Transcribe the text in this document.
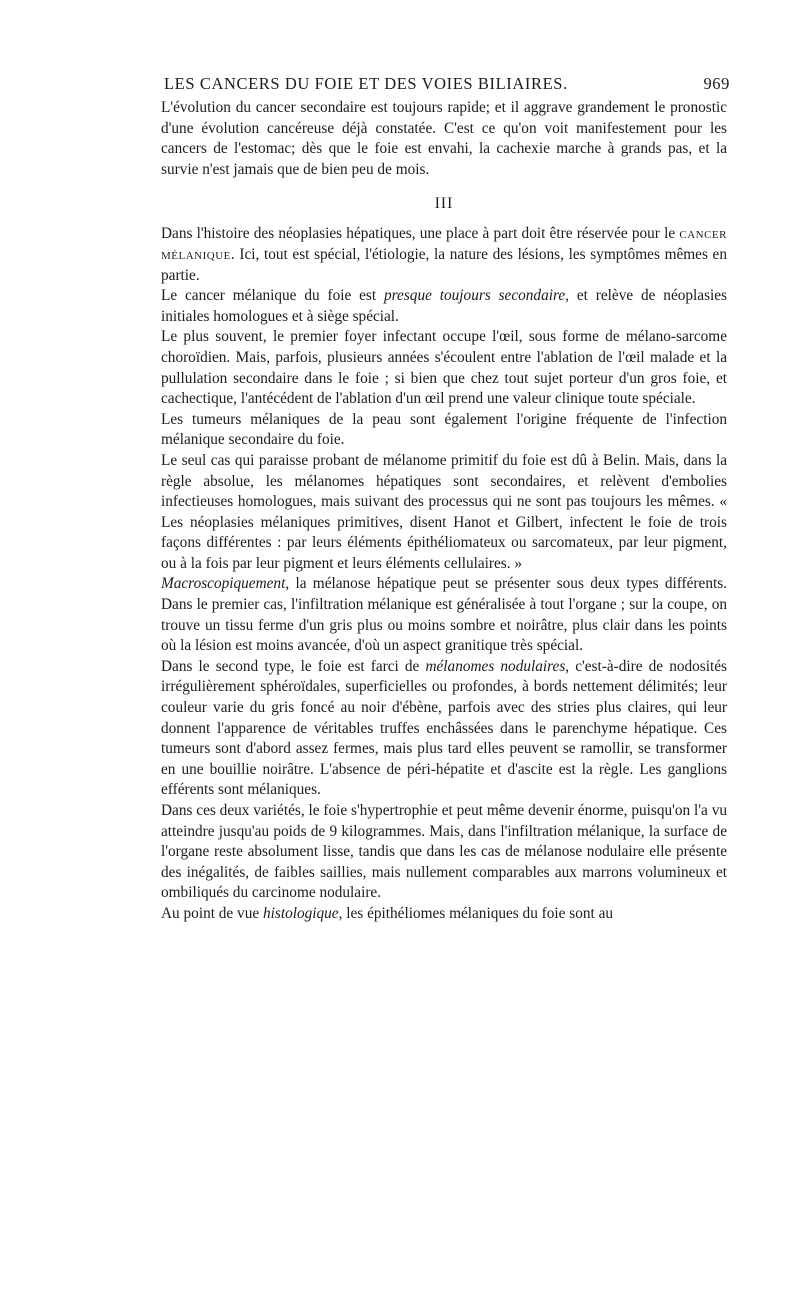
LES CANCERS DU FOIE ET DES VOIES BILIAIRES.	969

L'évolution du cancer secondaire est toujours rapide; et il aggrave grandement le pronostic d'une évolution cancéreuse déjà constatée. C'est ce qu'on voit manifestement pour les cancers de l'estomac; dès que le foie est envahi, la cachexie marche à grands pas, et la survie n'est jamais que de bien peu de mois.

III

Dans l'histoire des néoplasies hépatiques, une place à part doit être réservée pour le cancer mélanique. Ici, tout est spécial, l'étiologie, la nature des lésions, les symptômes mêmes en partie.

Le cancer mélanique du foie est presque toujours secondaire, et relève de néoplasies initiales homologues et à siège spécial.

Le plus souvent, le premier foyer infectant occupe l'œil, sous forme de mélano-sarcome choroïdien. Mais, parfois, plusieurs années s'écoulent entre l'ablation de l'œil malade et la pullulation secondaire dans le foie ; si bien que chez tout sujet porteur d'un gros foie, et cachectique, l'antécédent de l'ablation d'un œil prend une valeur clinique toute spéciale.

Les tumeurs mélaniques de la peau sont également l'origine fréquente de l'infection mélanique secondaire du foie.

Le seul cas qui paraisse probant de mélanome primitif du foie est dû à Belin. Mais, dans la règle absolue, les mélanomes hépatiques sont secondaires, et relèvent d'embolies infectieuses homologues, mais suivant des processus qui ne sont pas toujours les mêmes. « Les néoplasies mélaniques primitives, disent Hanot et Gilbert, infectent le foie de trois façons différentes : par leurs éléments épithéliomateux ou sarcomateux, par leur pigment, ou à la fois par leur pigment et leurs éléments cellulaires. »

Macroscopiquement, la mélanose hépatique peut se présenter sous deux types différents. Dans le premier cas, l'infiltration mélanique est généralisée à tout l'organe ; sur la coupe, on trouve un tissu ferme d'un gris plus ou moins sombre et noirâtre, plus clair dans les points où la lésion est moins avancée, d'où un aspect granitique très spécial.

Dans le second type, le foie est farci de mélanomes nodulaires, c'est-à-dire de nodosités irrégulièrement sphéroïdales, superficielles ou profondes, à bords nettement délimités; leur couleur varie du gris foncé au noir d'ébène, parfois avec des stries plus claires, qui leur donnent l'apparence de véritables truffes enchâssées dans le parenchyme hépatique. Ces tumeurs sont d'abord assez fermes, mais plus tard elles peuvent se ramollir, se transformer en une bouillie noirâtre. L'absence de péri-hépatite et d'ascite est la règle. Les ganglions efférents sont mélaniques.

Dans ces deux variétés, le foie s'hypertrophie et peut même devenir énorme, puisqu'on l'a vu atteindre jusqu'au poids de 9 kilogrammes. Mais, dans l'infiltration mélanique, la surface de l'organe reste absolument lisse, tandis que dans les cas de mélanose nodulaire elle présente des inégalités, de faibles saillies, mais nullement comparables aux marrons volumineux et ombiliqués du carcinome nodulaire.

Au point de vue histologique, les épithéliomes mélaniques du foie sont au
